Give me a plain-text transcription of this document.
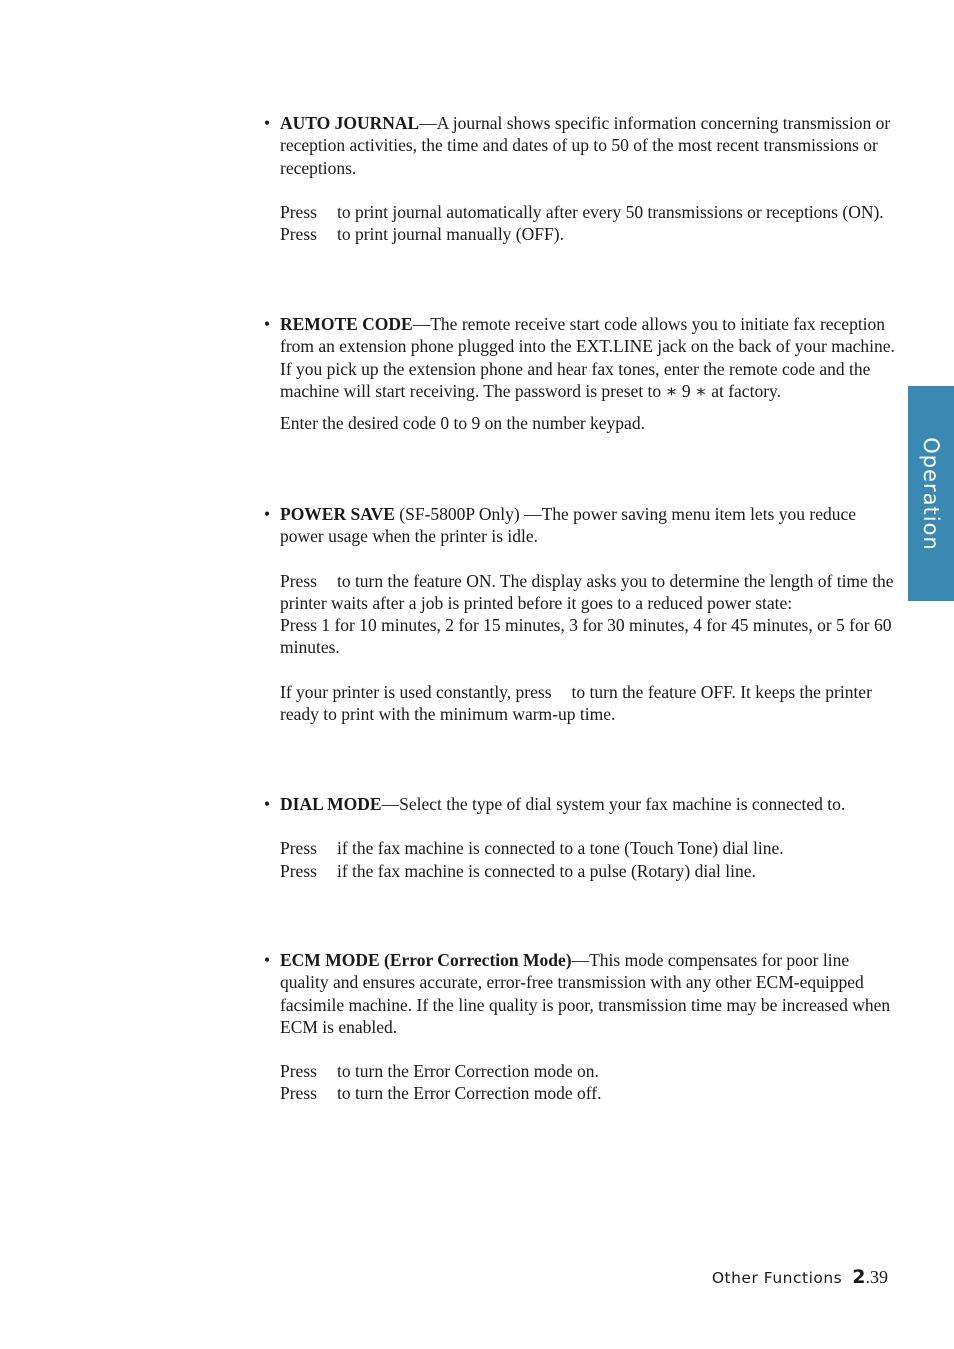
Operation
• AUTO JOURNAL—A journal shows specific information concerning transmission or reception activities, the time and dates of up to 50 of the most recent transmissions or receptions.

Press to print journal automatically after every 50 transmissions or receptions (ON).

Press to print journal manually (OFF).

• REMOTE CODE—The remote receive start code allows you to initiate fax reception from an extension phone plugged into the EXT.LINE jack on the back of your machine. If you pick up the extension phone and hear fax tones, enter the remote code and the machine will start receiving. The password is preset to ∗ 9 ∗ at factory.

Enter the desired code 0 to 9 on the number keypad.

• POWER SAVE (SF-5800P Only) —The power saving menu item lets you reduce power usage when the printer is idle.

Press to turn the feature ON. The display asks you to determine the length of time the printer waits after a job is printed before it goes to a reduced power state:

Press 1 for 10 minutes, 2 for 15 minutes, 3 for 30 minutes, 4 for 45 minutes, or 5 for 60 minutes.

If your printer is used constantly, press to turn the feature OFF. It keeps the printer ready to print with the minimum warm-up time.

• DIAL MODE—Select the type of dial system your fax machine is connected to.

Press if the fax machine is connected to a tone (Touch Tone) dial line.

Press if the fax machine is connected to a pulse (Rotary) dial line.

• ECM MODE (Error Correction Mode)—This mode compensates for poor line quality and ensures accurate, error-free transmission with any other ECM-equipped facsimile machine. If the line quality is poor, transmission time may be increased when ECM is enabled.

Press to turn the Error Correction mode on.

Press to turn the Error Correction mode off.

Other Functions 2.39
